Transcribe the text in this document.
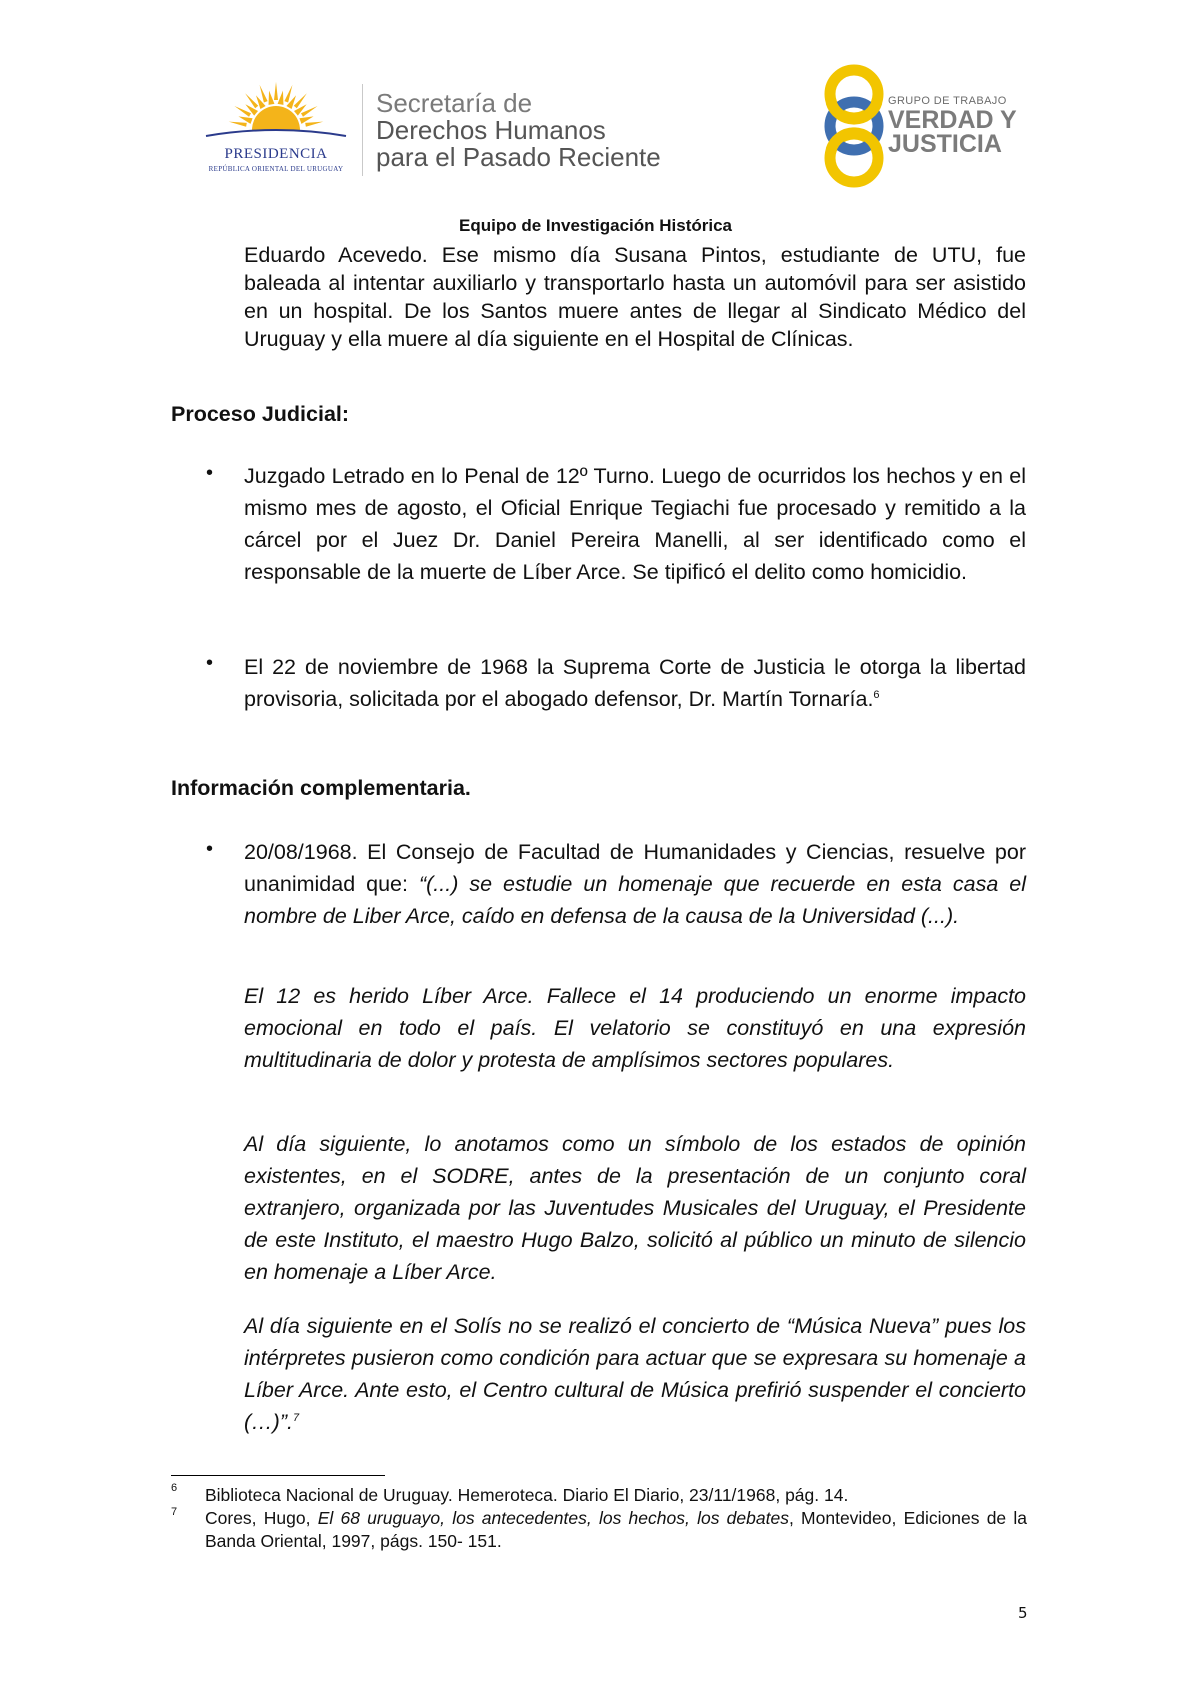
PRESIDENCIA
REPÚBLICA ORIENTAL DEL URUGUAY
Secretaría de
Derechos Humanos
para el Pasado Reciente
GRUPO DE TRABAJO
VERDAD Y
JUSTICIA
Equipo de Investigación Histórica
Eduardo Acevedo. Ese mismo día Susana Pintos, estudiante de UTU, fue baleada al intentar auxiliarlo y transportarlo hasta un automóvil para ser asistido en un hospital. De los Santos muere antes de llegar al Sindicato Médico del Uruguay y ella muere al día siguiente en el Hospital de Clínicas.
Proceso Judicial:
• Juzgado Letrado en lo Penal de 12º Turno. Luego de ocurridos los hechos y en el mismo mes de agosto, el Oficial Enrique Tegiachi fue procesado y remitido a la cárcel por el Juez Dr. Daniel Pereira Manelli, al ser identificado como el responsable de la muerte de Líber Arce. Se tipificó el delito como homicidio.
• El 22 de noviembre de 1968 la Suprema Corte de Justicia le otorga la libertad provisoria, solicitada por el abogado defensor, Dr. Martín Tornaría.$^6$
Información complementaria.
• 20/08/1968. El Consejo de Facultad de Humanidades y Ciencias, resuelve por unanimidad que: “(...) se estudie un homenaje que recuerde en esta casa el nombre de Liber Arce, caído en defensa de la causa de la Universidad (...).
El 12 es herido Líber Arce. Fallece el 14 produciendo un enorme impacto emocional en todo el país. El velatorio se constituyó en una expresión multitudinaria de dolor y protesta de amplísimos sectores populares.
Al día siguiente, lo anotamos como un símbolo de los estados de opinión existentes, en el SODRE, antes de la presentación de un conjunto coral extranjero, organizada por las Juventudes Musicales del Uruguay, el Presidente de este Instituto, el maestro Hugo Balzo, solicitó al público un minuto de silencio en homenaje a Líber Arce.
Al día siguiente en el Solís no se realizó el concierto de “Música Nueva” pues los intérpretes pusieron como condición para actuar que se expresara su homenaje a Líber Arce. Ante esto, el Centro cultural de Música prefirió suspender el concierto (…)”.$^7$
6 Biblioteca Nacional de Uruguay. Hemeroteca. Diario El Diario, 23/11/1968, pág. 14.
7 Cores, Hugo, El 68 uruguayo, los antecedentes, los hechos, los debates, Montevideo, Ediciones de la Banda Oriental, 1997, págs. 150- 151.
5
